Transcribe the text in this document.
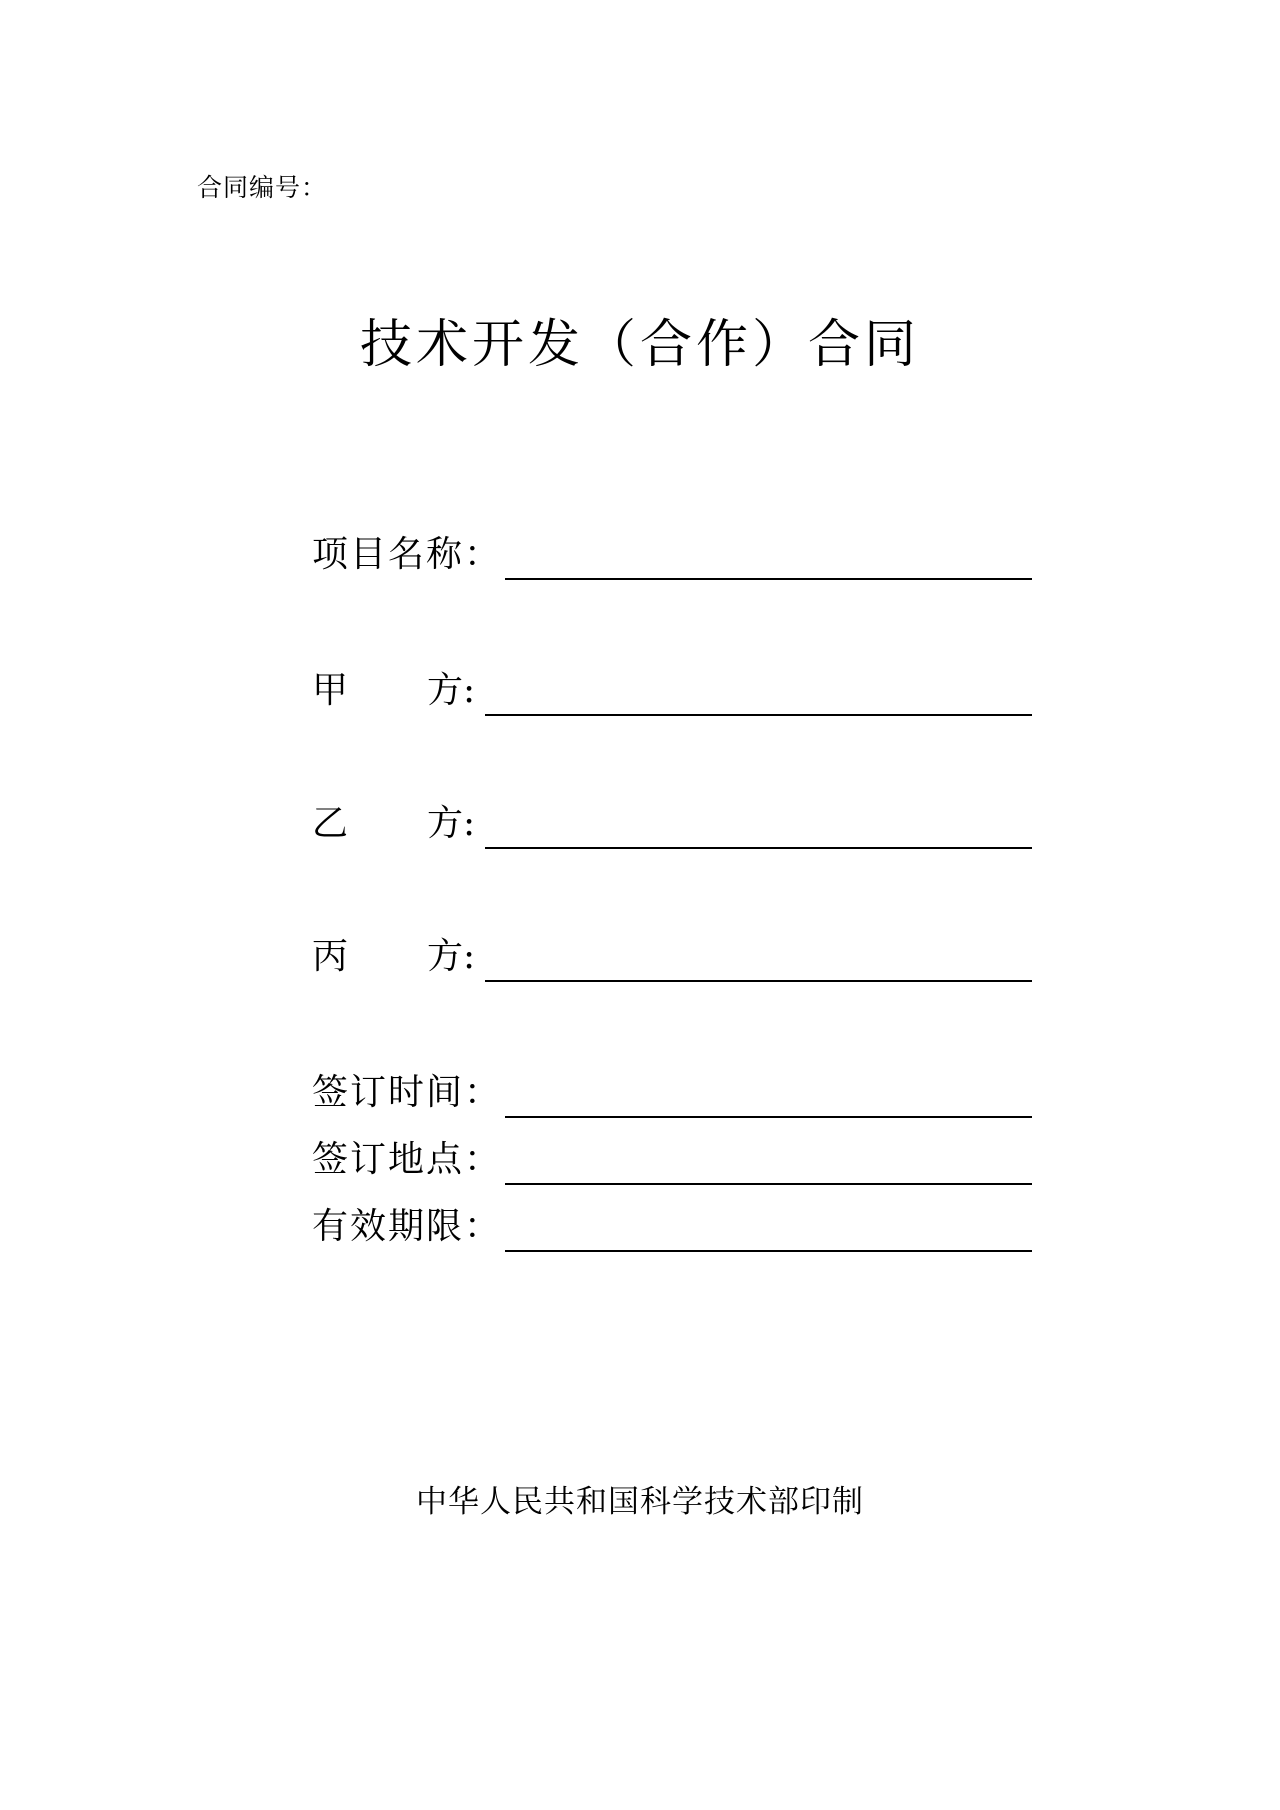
合同编号：
技术开发（合作）合同
项目名称：
甲 方:
乙 方:
丙 方:
签订时间：
签订地点：
有效期限：
中华人民共和国科学技术部印制
